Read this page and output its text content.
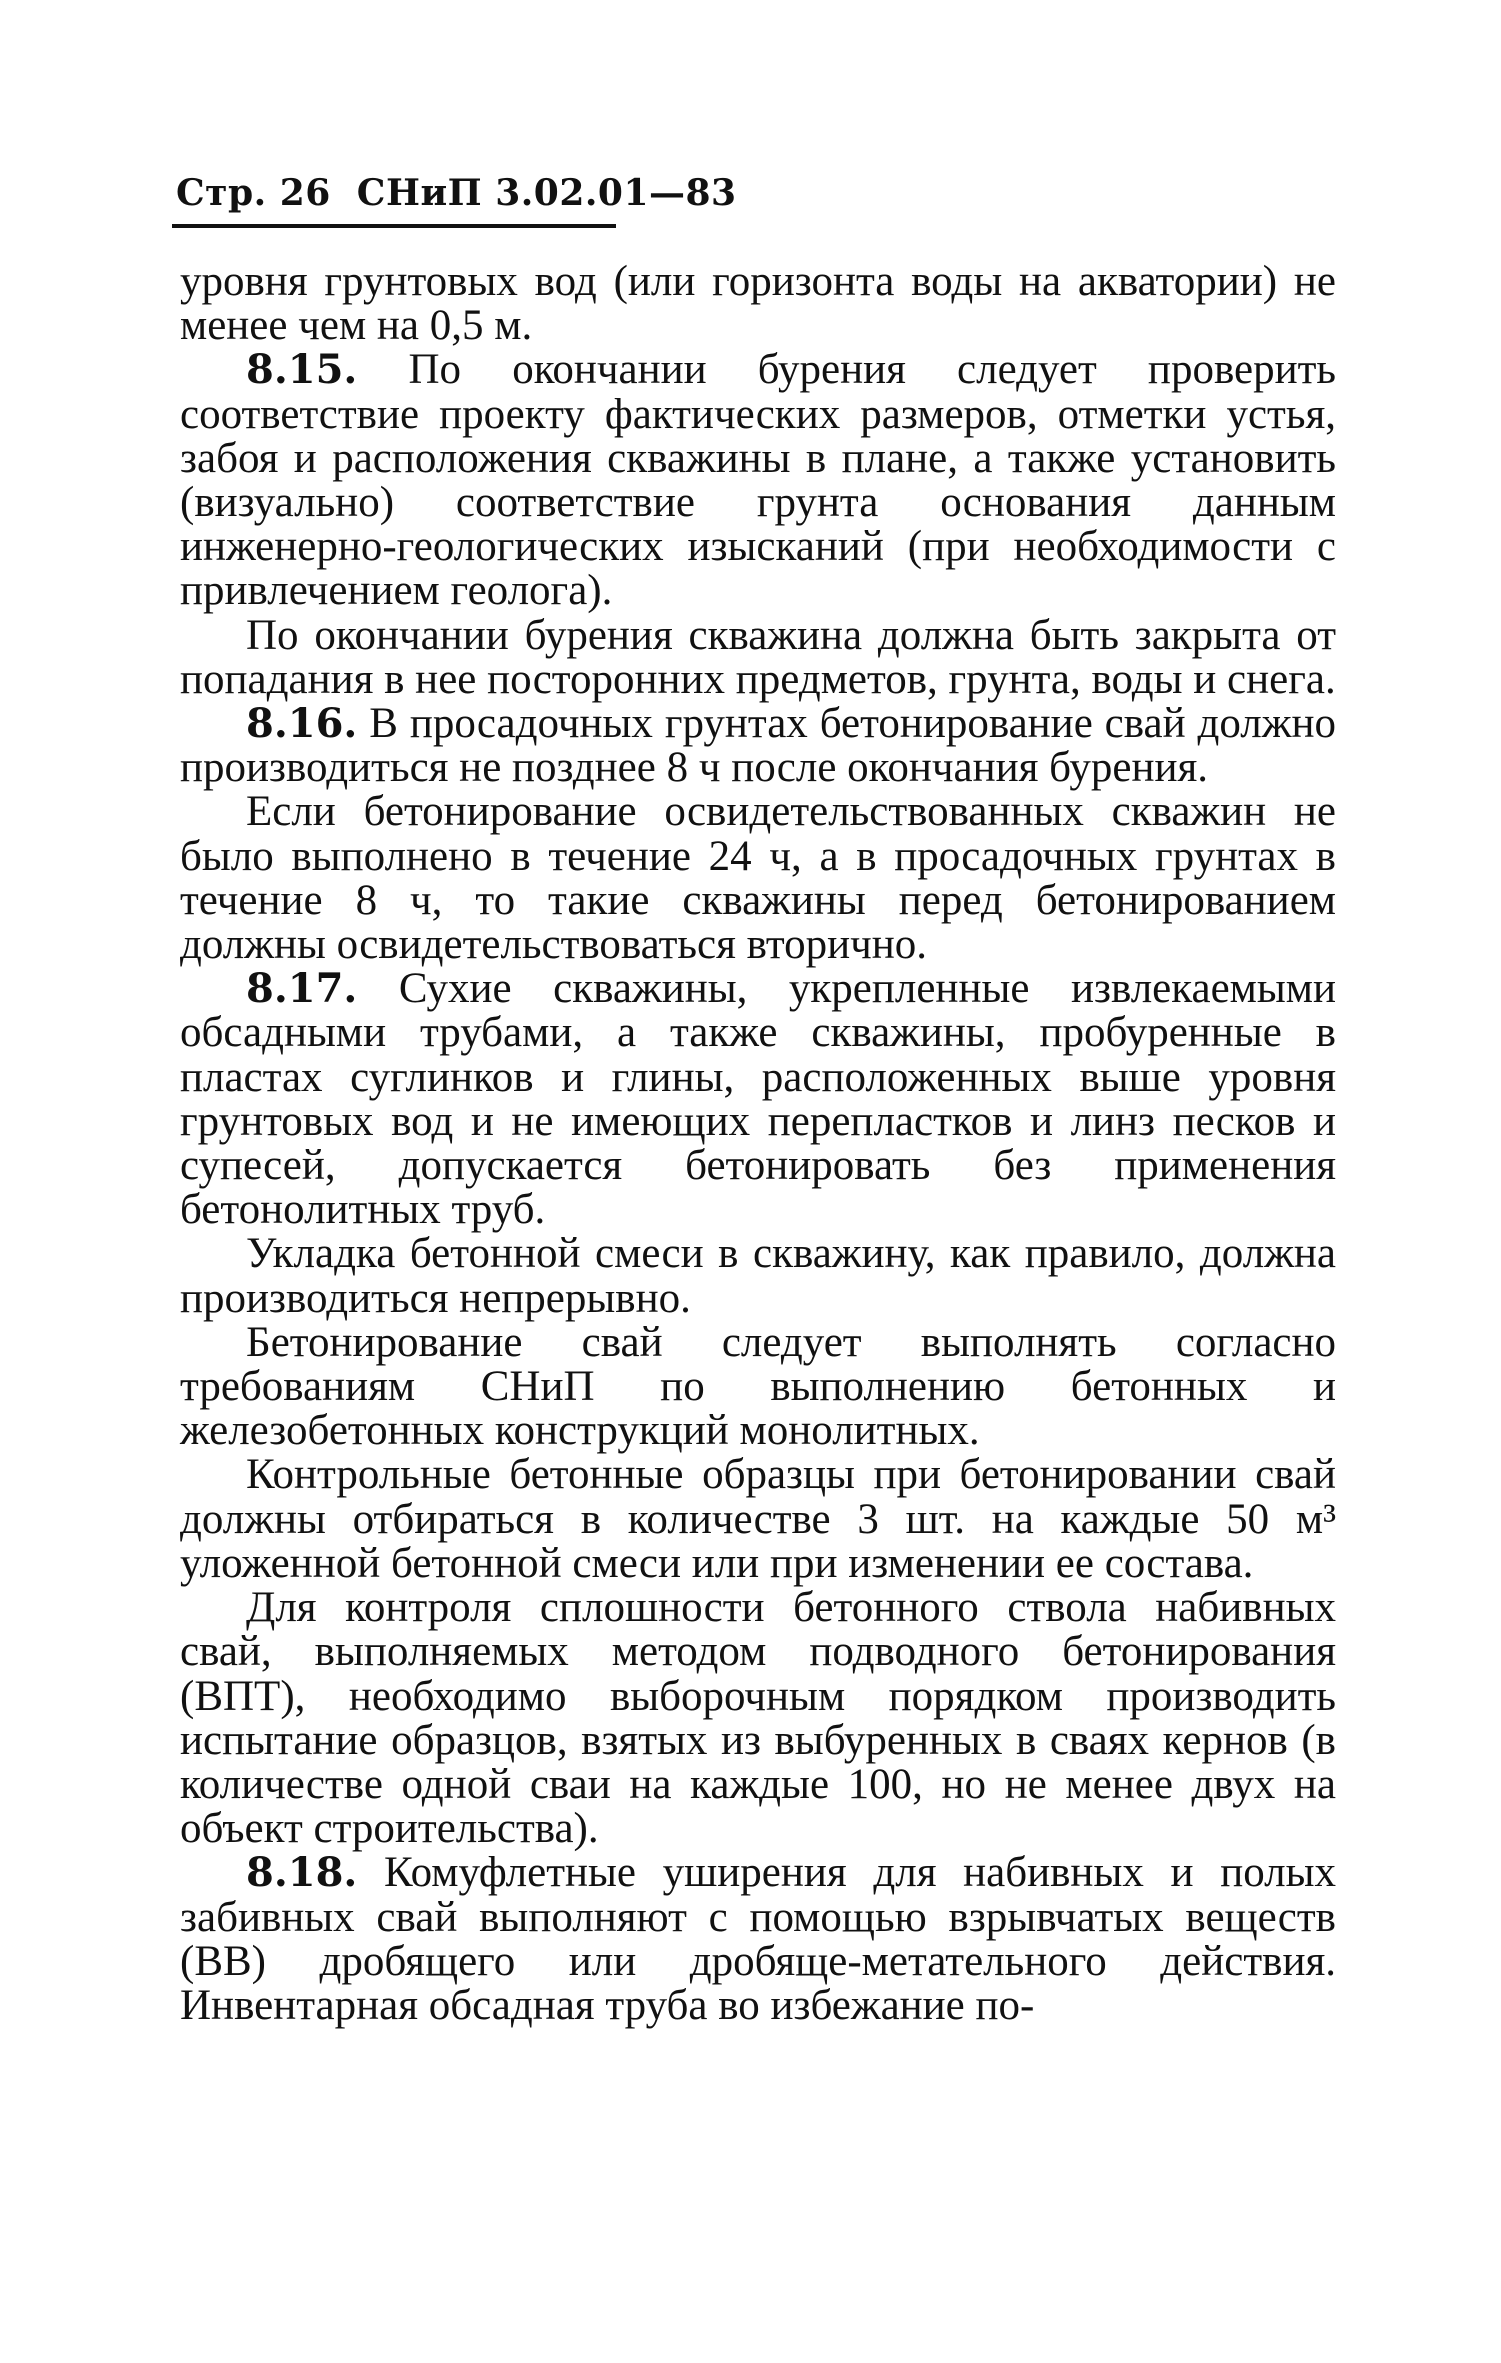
Стр. 26 СНиП 3.02.01—83

уровня грунтовых вод (или горизонта воды на акватории) не менее чем на 0,5 м.

8.15. По окончании бурения следует проверить соответствие проекту фактических размеров, отметки устья, забоя и расположения скважины в плане, а также установить (визуально) соответствие грунта основания данным инженерно-геологических изысканий (при необходимости с привлечением геолога).

По окончании бурения скважина должна быть закрыта от попадания в нее посторонних предметов, грунта, воды и снега.

8.16. В просадочных грунтах бетонирование свай должно производиться не позднее 8 ч после окончания бурения.

Если бетонирование освидетельствованных скважин не было выполнено в течение 24 ч, а в просадочных грунтах в течение 8 ч, то такие скважины перед бетонированием должны освидетельствоваться вторично.

8.17. Сухие скважины, укрепленные извлекаемыми обсадными трубами, а также скважины, пробуренные в пластах суглинков и глины, расположенных выше уровня грунтовых вод и не имеющих перепластков и линз песков и супесей, допускается бетонировать без применения бетонолитных труб.

Укладка бетонной смеси в скважину, как правило, должна производиться непрерывно.

Бетонирование свай следует выполнять согласно требованиям СНиП по выполнению бетонных и железобетонных конструкций монолитных.

Контрольные бетонные образцы при бетонировании свай должны отбираться в количестве 3 шт. на каждые 50 м³ уложенной бетонной смеси или при изменении ее состава.

Для контроля сплошности бетонного ствола набивных свай, выполняемых методом подводного бетонирования (ВПТ), необходимо выборочным порядком производить испытание образцов, взятых из выбуренных в сваях кернов (в количестве одной сваи на каждые 100, но не менее двух на объект строительства).

8.18. Комуфлетные уширения для набивных и полых забивных свай выполняют с помощью взрывчатых веществ (ВВ) дробящего или дробяще-метательного действия. Инвентарная обсадная труба во избежание по-
